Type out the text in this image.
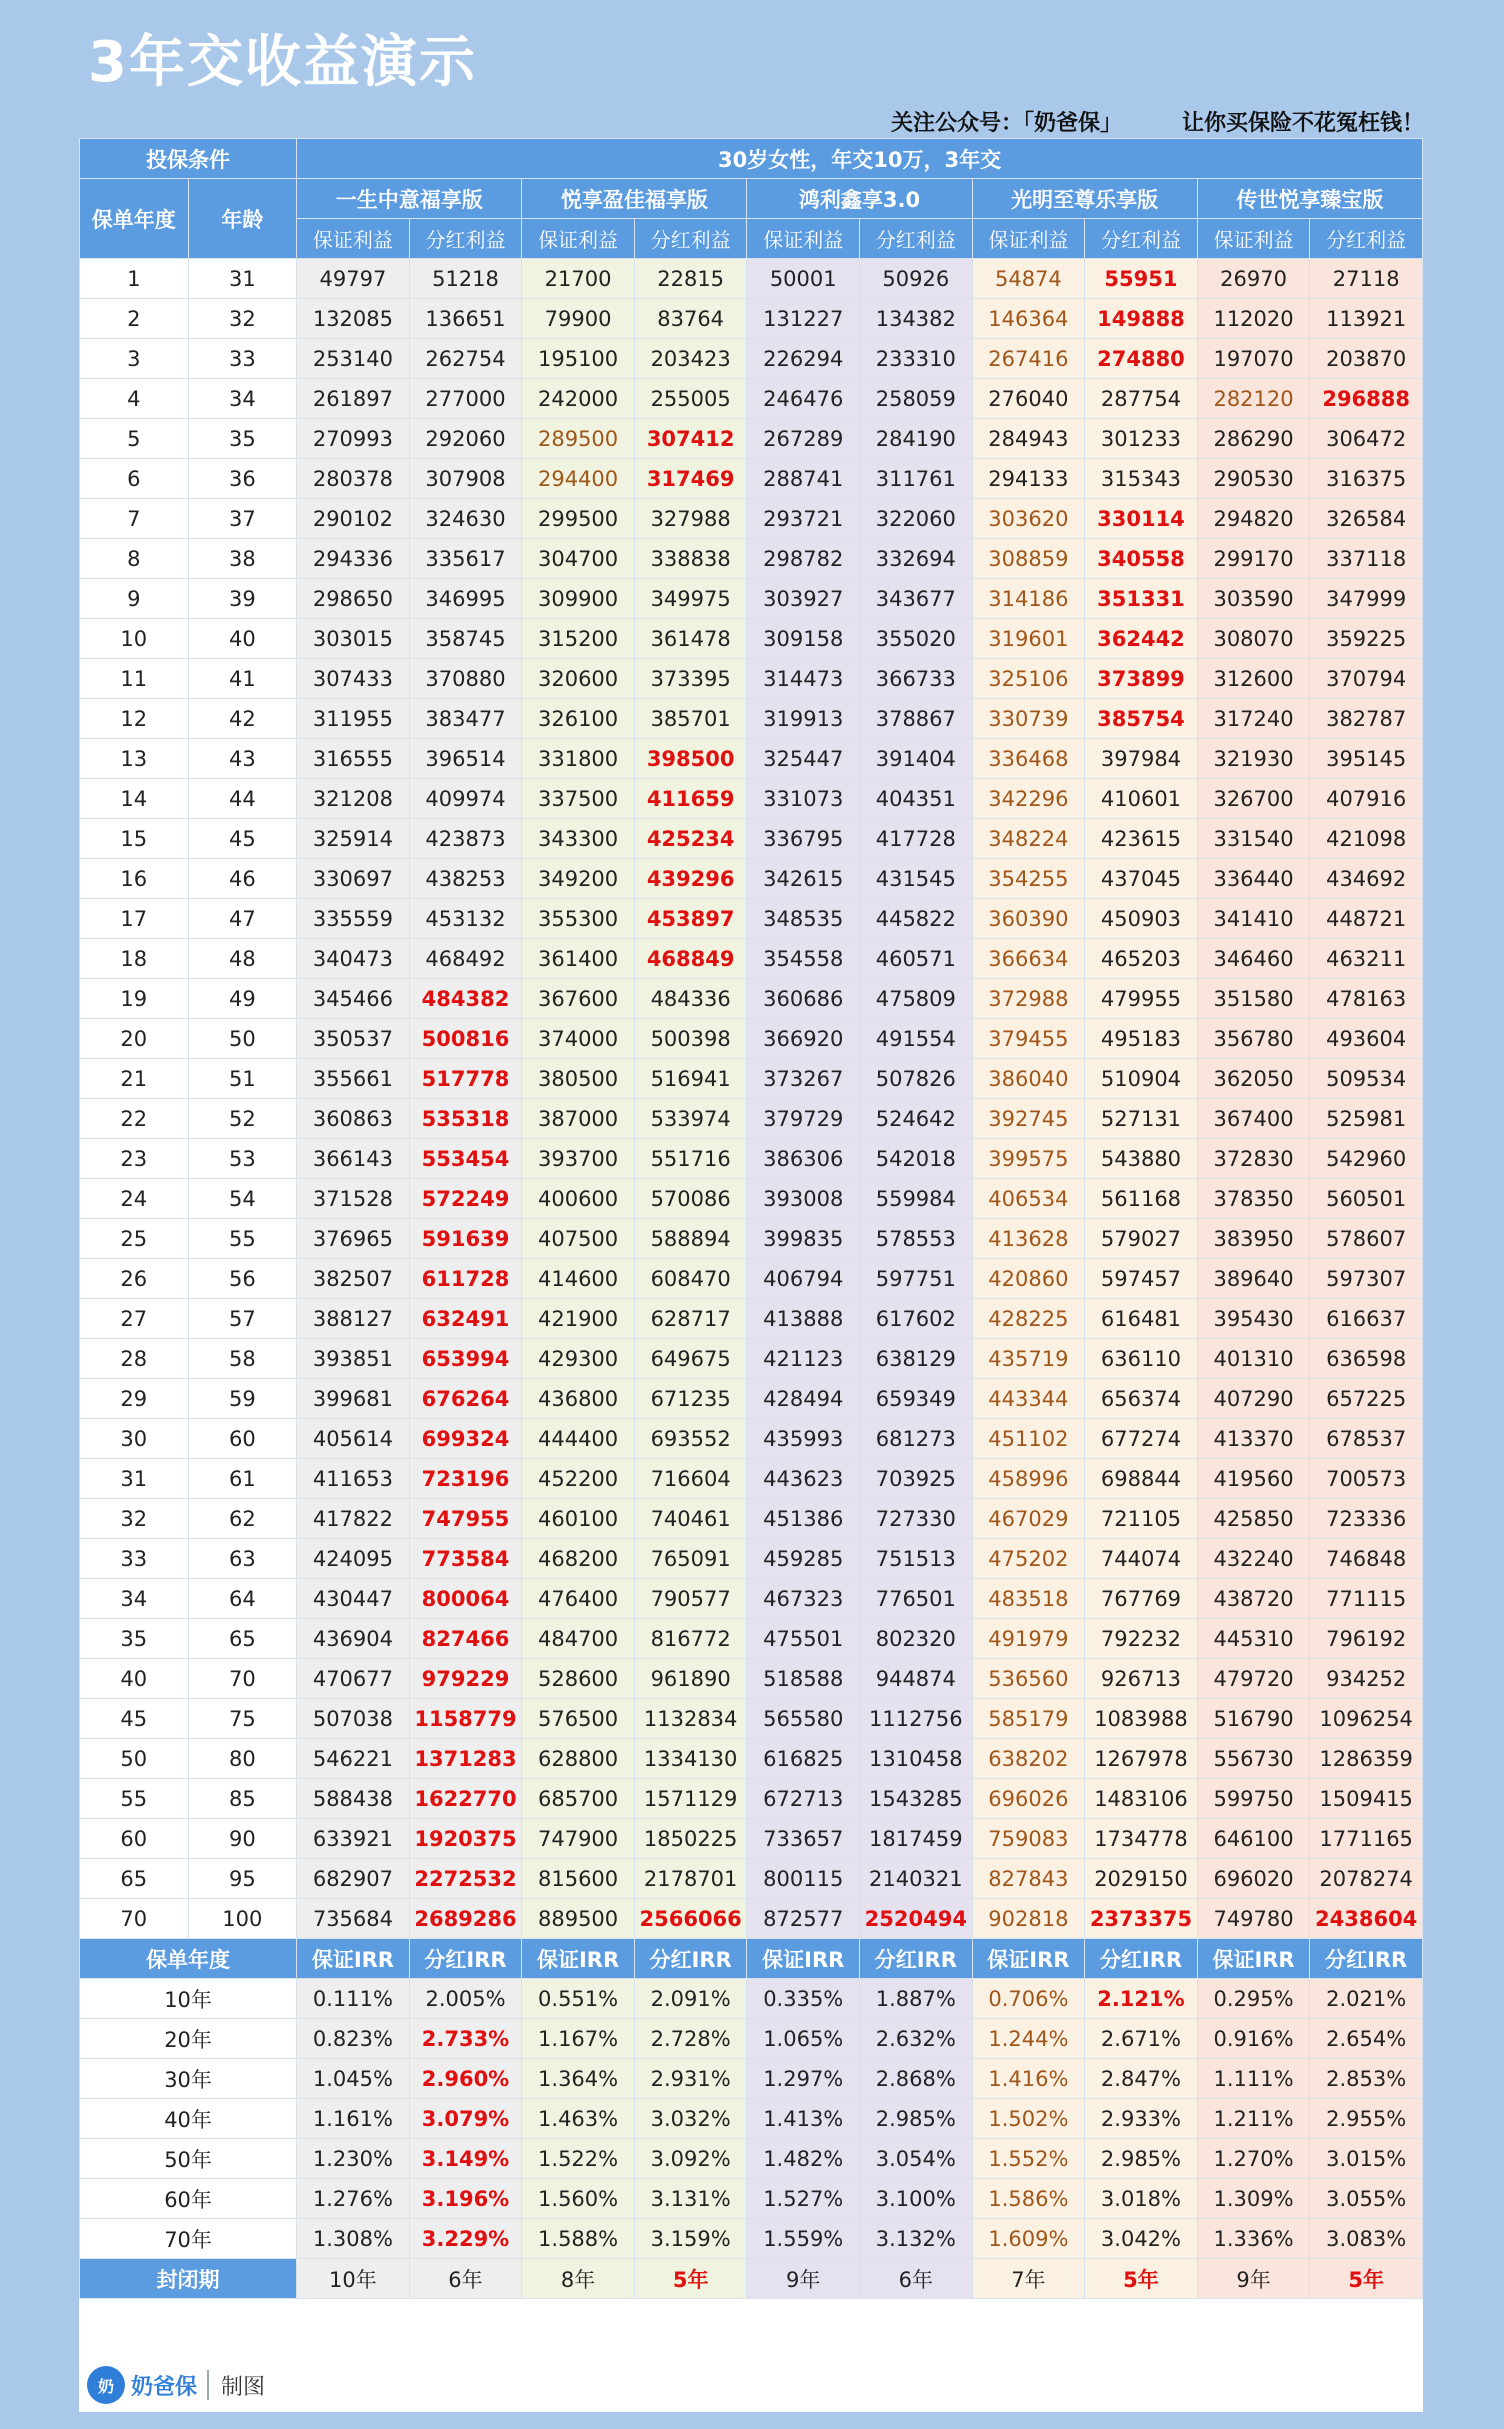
3年交收益演示
关注公众号：「奶爸保」	让你买保险不花冤枉钱！
投保条件		30岁女性，年交10万，3年交									
保单年度	年龄	一生中意福享版		悦享盈佳福享版		鸿利鑫享3.0		光明至尊乐享版		传世悦享臻宝版	
		保证利益	分红利益	保证利益	分红利益	保证利益	分红利益	保证利益	分红利益	保证利益	分红利益
1	31	49797	51218	21700	22815	50001	50926	54874	55951	26970	27118
2	32	132085	136651	79900	83764	131227	134382	146364	149888	112020	113921
3	33	253140	262754	195100	203423	226294	233310	267416	274880	197070	203870
4	34	261897	277000	242000	255005	246476	258059	276040	287754	282120	296888
5	35	270993	292060	289500	307412	267289	284190	284943	301233	286290	306472
6	36	280378	307908	294400	317469	288741	311761	294133	315343	290530	316375
7	37	290102	324630	299500	327988	293721	322060	303620	330114	294820	326584
8	38	294336	335617	304700	338838	298782	332694	308859	340558	299170	337118
9	39	298650	346995	309900	349975	303927	343677	314186	351331	303590	347999
10	40	303015	358745	315200	361478	309158	355020	319601	362442	308070	359225
11	41	307433	370880	320600	373395	314473	366733	325106	373899	312600	370794
12	42	311955	383477	326100	385701	319913	378867	330739	385754	317240	382787
13	43	316555	396514	331800	398500	325447	391404	336468	397984	321930	395145
14	44	321208	409974	337500	411659	331073	404351	342296	410601	326700	407916
15	45	325914	423873	343300	425234	336795	417728	348224	423615	331540	421098
16	46	330697	438253	349200	439296	342615	431545	354255	437045	336440	434692
17	47	335559	453132	355300	453897	348535	445822	360390	450903	341410	448721
18	48	340473	468492	361400	468849	354558	460571	366634	465203	346460	463211
19	49	345466	484382	367600	484336	360686	475809	372988	479955	351580	478163
20	50	350537	500816	374000	500398	366920	491554	379455	495183	356780	493604
21	51	355661	517778	380500	516941	373267	507826	386040	510904	362050	509534
22	52	360863	535318	387000	533974	379729	524642	392745	527131	367400	525981
23	53	366143	553454	393700	551716	386306	542018	399575	543880	372830	542960
24	54	371528	572249	400600	570086	393008	559984	406534	561168	378350	560501
25	55	376965	591639	407500	588894	399835	578553	413628	579027	383950	578607
26	56	382507	611728	414600	608470	406794	597751	420860	597457	389640	597307
27	57	388127	632491	421900	628717	413888	617602	428225	616481	395430	616637
28	58	393851	653994	429300	649675	421123	638129	435719	636110	401310	636598
29	59	399681	676264	436800	671235	428494	659349	443344	656374	407290	657225
30	60	405614	699324	444400	693552	435993	681273	451102	677274	413370	678537
31	61	411653	723196	452200	716604	443623	703925	458996	698844	419560	700573
32	62	417822	747955	460100	740461	451386	727330	467029	721105	425850	723336
33	63	424095	773584	468200	765091	459285	751513	475202	744074	432240	746848
34	64	430447	800064	476400	790577	467323	776501	483518	767769	438720	771115
35	65	436904	827466	484700	816772	475501	802320	491979	792232	445310	796192
40	70	470677	979229	528600	961890	518588	944874	536560	926713	479720	934252
45	75	507038	1158779	576500	1132834	565580	1112756	585179	1083988	516790	1096254
50	80	546221	1371283	628800	1334130	616825	1310458	638202	1267978	556730	1286359
55	85	588438	1622770	685700	1571129	672713	1543285	696026	1483106	599750	1509415
60	90	633921	1920375	747900	1850225	733657	1817459	759083	1734778	646100	1771165
65	95	682907	2272532	815600	2178701	800115	2140321	827843	2029150	696020	2078274
70	100	735684	2689286	889500	2566066	872577	2520494	902818	2373375	749780	2438604
保单年度		保证IRR	分红IRR	保证IRR	分红IRR	保证IRR	分红IRR	保证IRR	分红IRR	保证IRR	分红IRR
10年		0.111%	2.005%	0.551%	2.091%	0.335%	1.887%	0.706%	2.121%	0.295%	2.021%
20年		0.823%	2.733%	1.167%	2.728%	1.065%	2.632%	1.244%	2.671%	0.916%	2.654%
30年		1.045%	2.960%	1.364%	2.931%	1.297%	2.868%	1.416%	2.847%	1.111%	2.853%
40年		1.161%	3.079%	1.463%	3.032%	1.413%	2.985%	1.502%	2.933%	1.211%	2.955%
50年		1.230%	3.149%	1.522%	3.092%	1.482%	3.054%	1.552%	2.985%	1.270%	3.015%
60年		1.276%	3.196%	1.560%	3.131%	1.527%	3.100%	1.586%	3.018%	1.309%	3.055%
70年		1.308%	3.229%	1.588%	3.159%	1.559%	3.132%	1.609%	3.042%	1.336%	3.083%
封闭期		10年	6年	8年	5年	9年	6年	7年	5年	9年	5年
奶 奶爸保 制图
